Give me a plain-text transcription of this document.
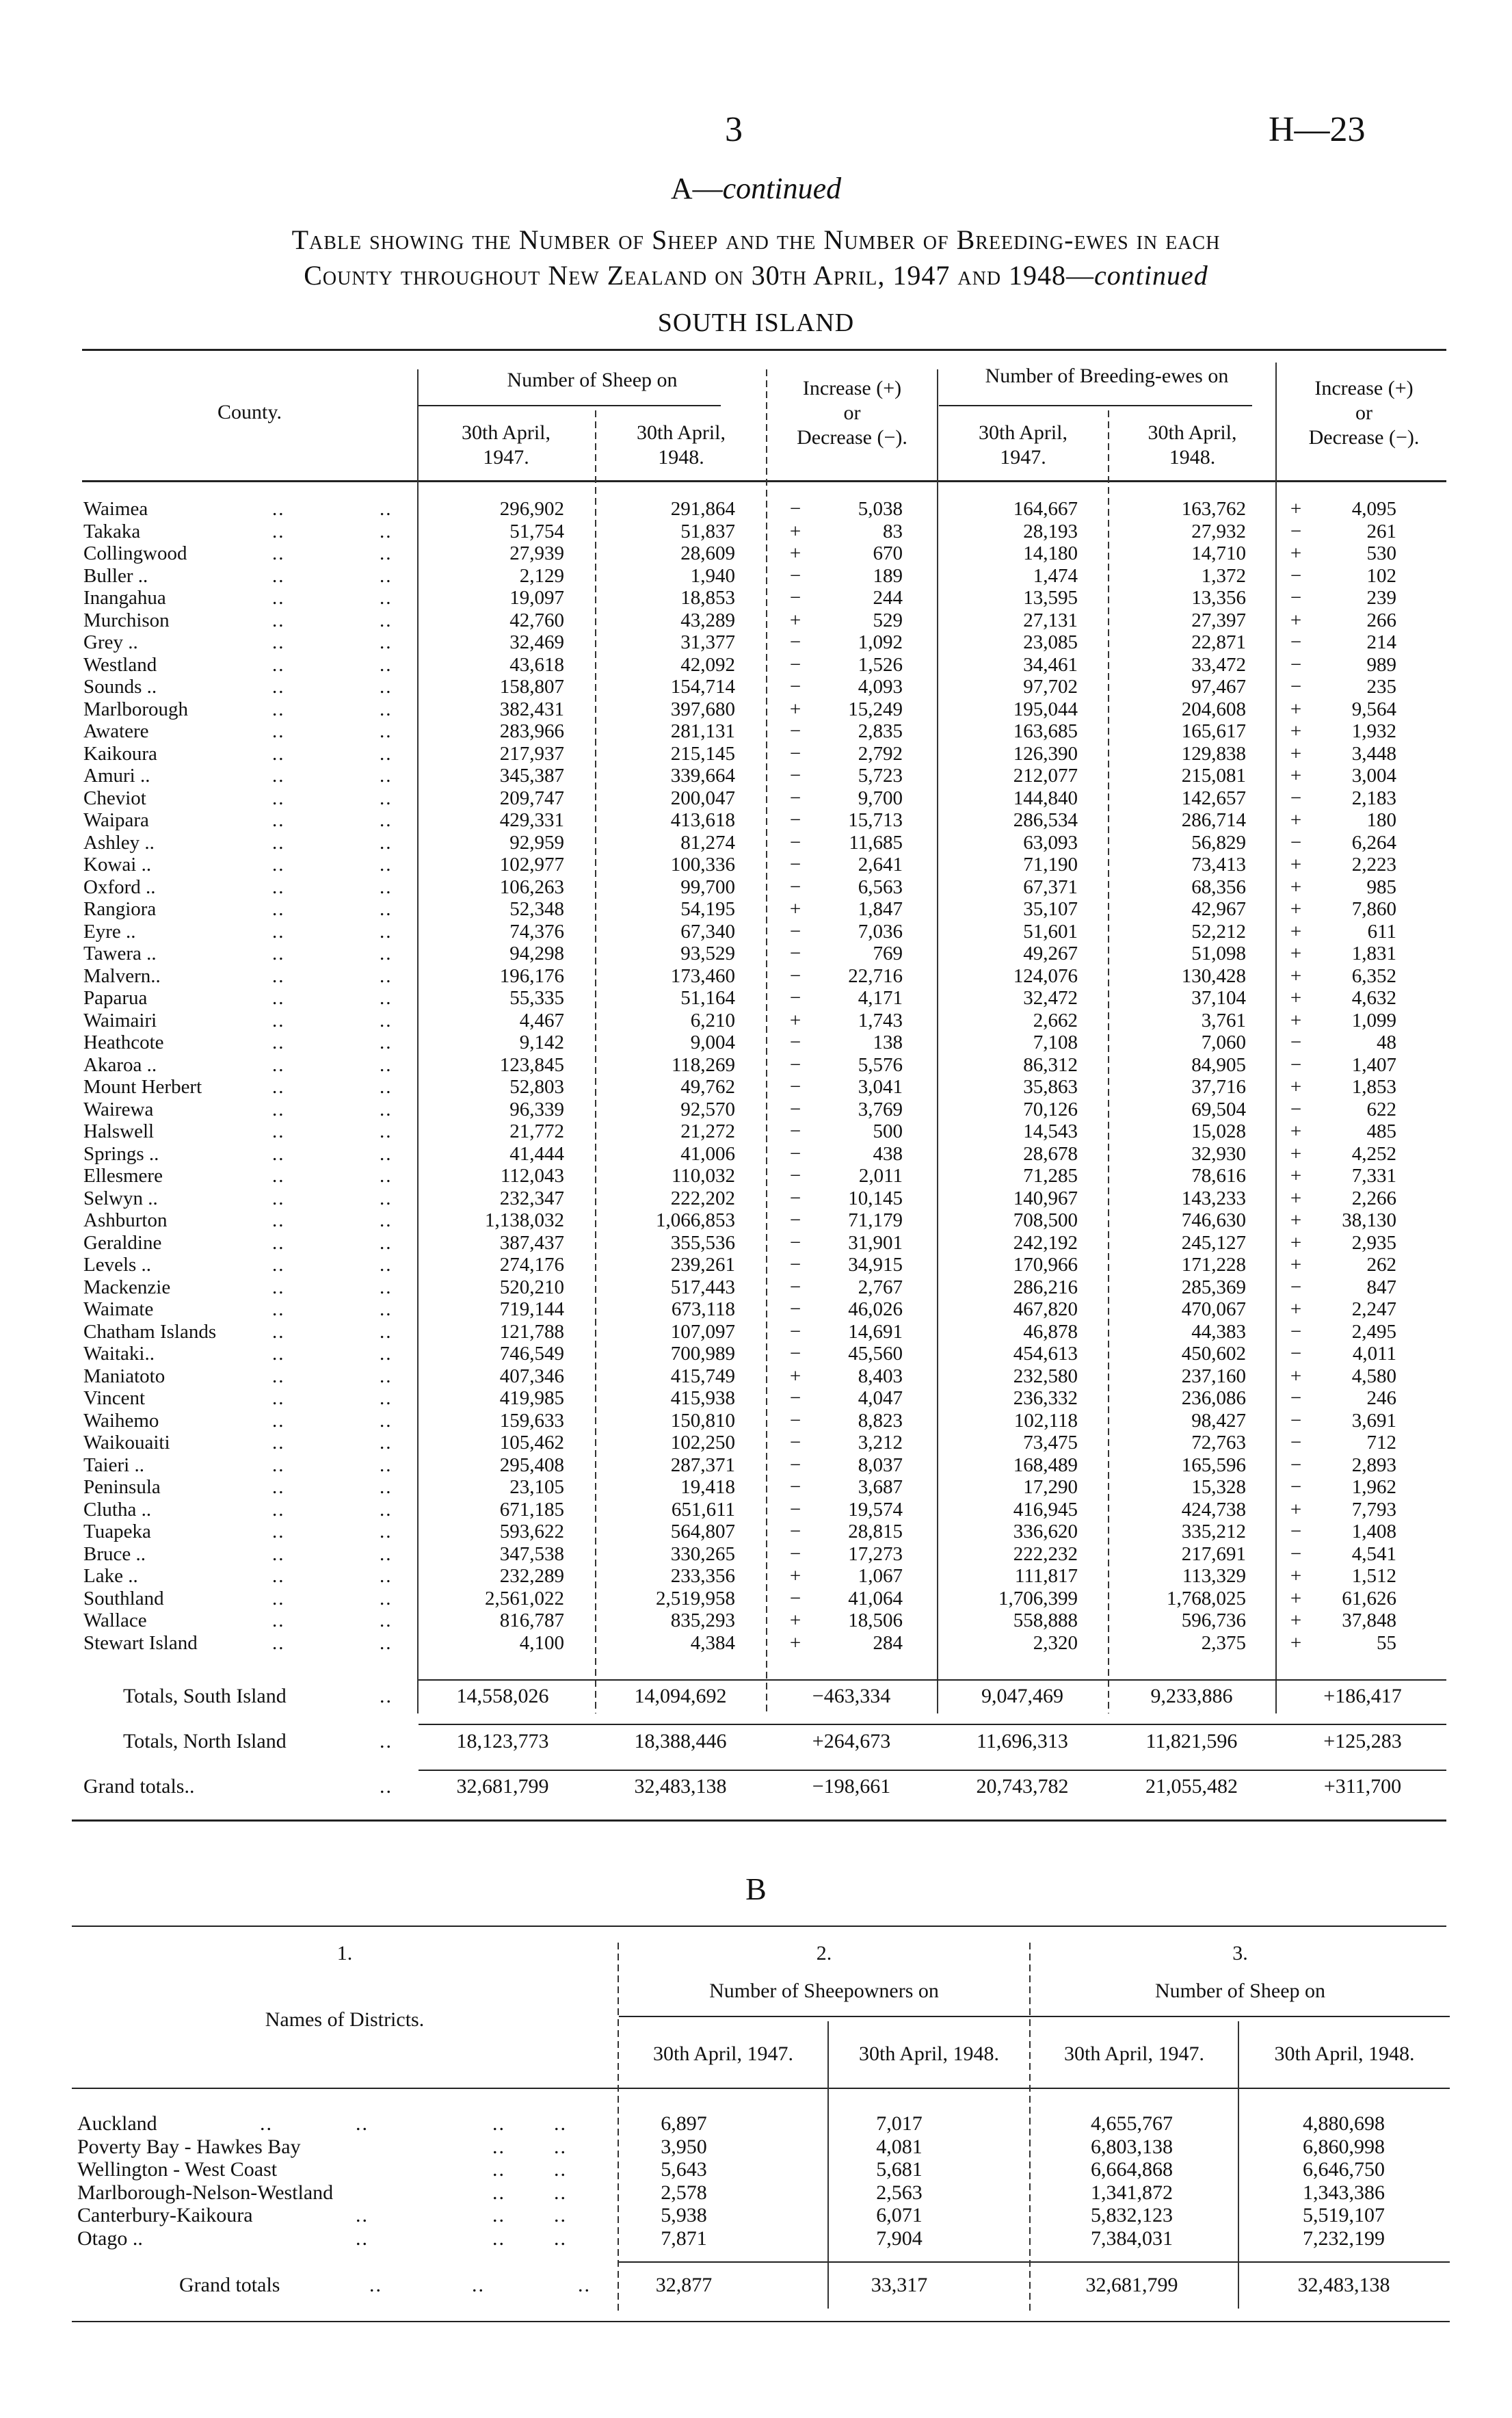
3	H—23
A—continued
Table showing the Number of Sheep and the Number of Breeding-ewes in each
County throughout New Zealand on 30th April, 1947 and 1948—continued
SOUTH ISLAND
County.
Number of Sheep on
30th April,
1947.
30th April,
1948.
Increase (+)
or
Decrease (−).
Number of Breeding-ewes on
30th April,
1947.
30th April,
1948.
Increase (+)
or
Decrease (−).
Waimea	..	..	296,902	291,864	−	5,038	164,667	163,762 +	4,095
Takaka	..	..	51,754	51,837	+	83	28,193	27,932 −	261
Collingwood	..	..	27,939	28,609	+	670	14,180	14,710 +	530
Buller ..	..	..	2,129	1,940	−	189	1,474	1,372 −	102
Inangahua	..	..	19,097	18,853	−	244	13,595	13,356 −	239
Murchison	..	..	42,760	43,289	+	529	27,131	27,397 +	266
Grey ..	..	..	32,469	31,377	−	1,092	23,085	22,871 −	214
Westland	..	..	43,618	42,092	−	1,526	34,461	33,472 −	989
Sounds ..	..	..	158,807	154,714	−	4,093	97,702	97,467 −	235
Marlborough	..	..	382,431	397,680	+	15,249	195,044	204,608 +	9,564
Awatere	..	..	283,966	281,131	−	2,835	163,685	165,617 +	1,932
Kaikoura	..	..	217,937	215,145	−	2,792	126,390	129,838 +	3,448
Amuri ..	..	..	345,387	339,664	−	5,723	212,077	215,081 +	3,004
Cheviot	..	..	209,747	200,047	−	9,700	144,840	142,657 −	2,183
Waipara	..	..	429,331	413,618	−	15,713	286,534	286,714 +	180
Ashley ..	..	..	92,959	81,274	−	11,685	63,093	56,829 −	6,264
Kowai ..	..	..	102,977	100,336	−	2,641	71,190	73,413 +	2,223
Oxford ..	..	..	106,263	99,700	−	6,563	67,371	68,356 +	985
Rangiora	..	..	52,348	54,195	+	1,847	35,107	42,967 +	7,860
Eyre ..	..	..	74,376	67,340	−	7,036	51,601	52,212 +	611
Tawera ..	..	..	94,298	93,529	−	769	49,267	51,098 +	1,831
Malvern..	..	..	196,176	173,460	−	22,716	124,076	130,428 +	6,352
Paparua	..	..	55,335	51,164	−	4,171	32,472	37,104 +	4,632
Waimairi	..	..	4,467	6,210	+	1,743	2,662	3,761 +	1,099
Heathcote	..	..	9,142	9,004	−	138	7,108	7,060 −	48
Akaroa ..	..	..	123,845	118,269	−	5,576	86,312	84,905 −	1,407
Mount Herbert	..	..	52,803	49,762	−	3,041	35,863	37,716 +	1,853
Wairewa	..	..	96,339	92,570	−	3,769	70,126	69,504 −	622
Halswell	..	..	21,772	21,272	−	500	14,543	15,028 +	485
Springs ..	..	..	41,444	41,006	−	438	28,678	32,930 +	4,252
Ellesmere	..	..	112,043	110,032	−	2,011	71,285	78,616 +	7,331
Selwyn ..	..	..	232,347	222,202	−	10,145	140,967	143,233 +	2,266
Ashburton	..	..	1,138,032	1,066,853	−	71,179	708,500	746,630 +	38,130
Geraldine	..	..	387,437	355,536	−	31,901	242,192	245,127 +	2,935
Levels ..	..	..	274,176	239,261	−	34,915	170,966	171,228 +	262
Mackenzie	..	..	520,210	517,443	−	2,767	286,216	285,369 −	847
Waimate	..	..	719,144	673,118	−	46,026	467,820	470,067 +	2,247
Chatham Islands	..	..	121,788	107,097	−	14,691	46,878	44,383 −	2,495
Waitaki..	..	..	746,549	700,989	−	45,560	454,613	450,602 −	4,011
Maniatoto	..	..	407,346	415,749	+	8,403	232,580	237,160 +	4,580
Vincent	..	..	419,985	415,938	−	4,047	236,332	236,086 −	246
Waihemo	..	..	159,633	150,810	−	8,823	102,118	98,427 −	3,691
Waikouaiti	..	..	105,462	102,250	−	3,212	73,475	72,763 −	712
Taieri ..	..	..	295,408	287,371	−	8,037	168,489	165,596 −	2,893
Peninsula	..	..	23,105	19,418	−	3,687	17,290	15,328 −	1,962
Clutha ..	..	..	671,185	651,611	−	19,574	416,945	424,738 +	7,793
Tuapeka	..	..	593,622	564,807	−	28,815	336,620	335,212 −	1,408
Bruce ..	..	..	347,538	330,265	−	17,273	222,232	217,691 −	4,541
Lake ..	..	..	232,289	233,356	+	1,067	111,817	113,329 +	1,512
Southland	..	..	2,561,022	2,519,958	−	41,064	1,706,399	1,768,025 +	61,626
Wallace	..	..	816,787	835,293	+	18,506	558,888	596,736 +	37,848
Stewart Island	..	..	4,100	4,384	+	284	2,320	2,375 +	55
Totals, South Island	..	14,558,026	14,094,692	−463,334	9,047,469	9,233,886	+186,417
Totals, North Island	..	18,123,773	18,388,446	+264,673	11,696,313	11,821,596	+125,283
Grand totals..	..	32,681,799	32,483,138	−198,661	20,743,782	21,055,482	+311,700
B
1.	2.	3.
Names of Districts.
Number of Sheepowners on	Number of Sheep on
30th April, 1947.	30th April, 1948.	30th April, 1947.	30th April, 1948.
Auckland	..	..	.. ..	6,897	7,017	4,655,767	4,880,698
Poverty Bay - Hawkes Bay	.. ..	3,950	4,081	6,803,138	6,860,998
Wellington - West Coast	.. ..	5,643	5,681	6,664,868	6,646,750
Marlborough-Nelson-Westland	.. ..	2,578	2,563	1,341,872	1,343,386
Canterbury-Kaikoura	..	.. ..	5,938	6,071	5,832,123	5,519,107
Otago ..	..	.. ..	7,871	7,904	7,384,031	7,232,199
Grand totals	..	..	..	32,877	33,317	32,681,799	32,483,138
